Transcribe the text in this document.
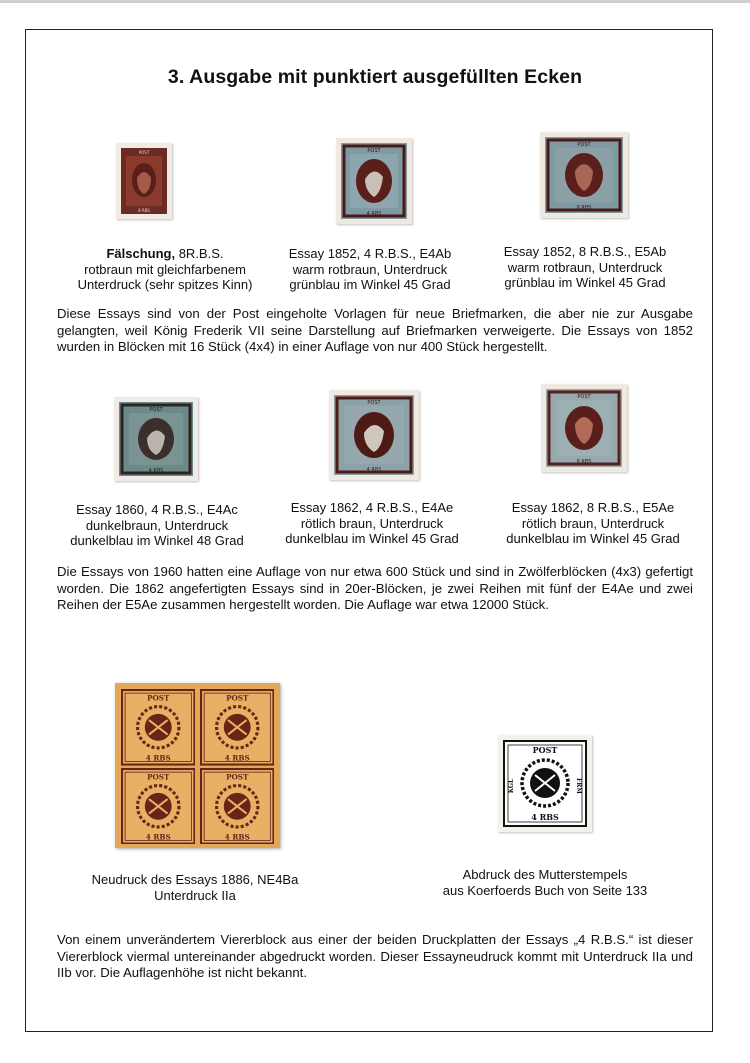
3. Ausgabe mit punktiert ausgefüllten Ecken
POST
8 RBS
POST
4 RBS
POST
8 RBS
Fälschung, 8R.B.S.
rotbraun mit gleichfarbenem
Unterdruck (sehr spitzes Kinn)
Essay 1852, 4 R.B.S., E4Ab
warm rotbraun, Unterdruck
grünblau im Winkel 45 Grad
Essay 1852, 8 R.B.S., E5Ab
warm rotbraun, Unterdruck
grünblau im Winkel 45 Grad
Diese Essays sind von der Post eingeholte Vorlagen für neue Briefmarken, die aber nie zur Ausgabe gelangten, weil König Frederik VII seine Darstellung auf Briefmarken verweigerte. Die Essays von 1852 wurden in Blöcken mit 16 Stück (4x4) in einer Auflage von nur 400 Stück hergestellt.
POST
4 RBS
POST
4 RBS
POST
8 RBS
Essay 1860, 4 R.B.S., E4Ac
dunkelbraun, Unterdruck
dunkelblau im Winkel 48 Grad
Essay 1862, 4 R.B.S., E4Ae
rötlich braun, Unterdruck
dunkelblau im Winkel 45 Grad
Essay 1862, 8 R.B.S., E5Ae
rötlich braun, Unterdruck
dunkelblau im Winkel 45 Grad
Die Essays von 1960 hatten eine Auflage von nur etwa 600 Stück und sind in Zwölferblöcken (4x3) gefertigt worden. Die 1862 angefertigten Essays sind in 20er-Blöcken, je zwei Reihen mit fünf der E4Ae und zwei Reihen der E5Ae zusammen hergestellt worden. Die Auflage war etwa 12000 Stück.
POST
4 RBS
POST
4 RBS
POST
4 RBS
POST
4 RBS
POST
4 RBS
KGL	FRM
Neudruck des Essays 1886, NE4Ba
Unterdruck IIa
Abdruck des Mutterstempels
aus Koerfoerds Buch von Seite 133
Von einem unverändertem Viererblock aus einer der beiden Druckplatten der Essays „4 R.B.S.“ ist dieser Viererblock viermal untereinander abgedruckt worden. Dieser Essayneudruck kommt mit Unterdruck IIa und IIb vor. Die Auflagenhöhe ist nicht bekannt.
